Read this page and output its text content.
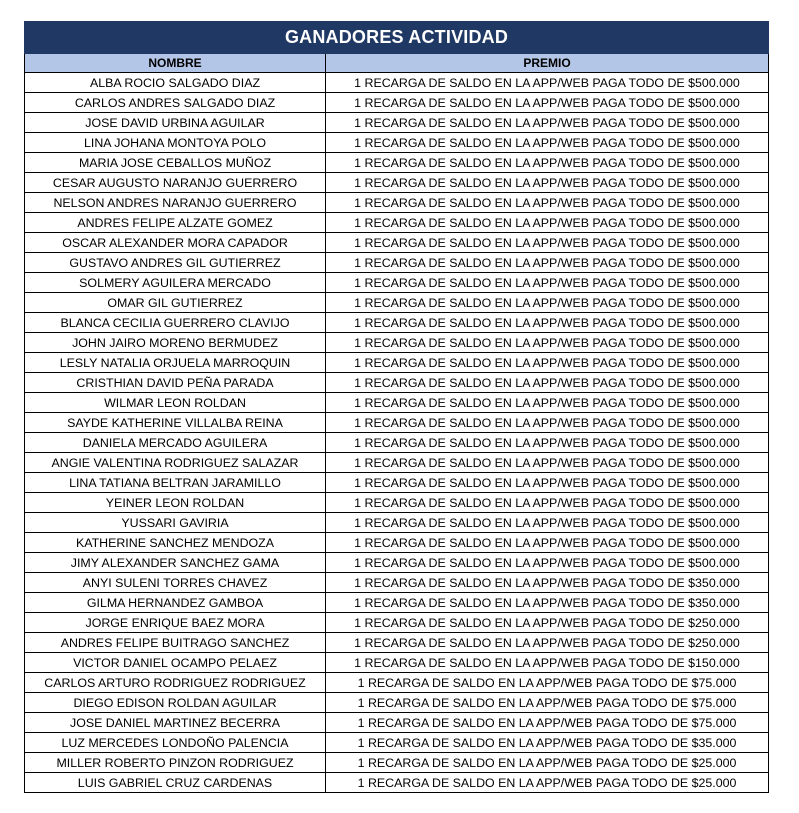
GANADORES ACTIVIDAD	
NOMBRE	PREMIO
ALBA ROCIO SALGADO DIAZ	1 RECARGA DE SALDO EN LA APP/WEB PAGA TODO DE $500.000
CARLOS ANDRES SALGADO DIAZ	1 RECARGA DE SALDO EN LA APP/WEB PAGA TODO DE $500.000
JOSE DAVID URBINA AGUILAR	1 RECARGA DE SALDO EN LA APP/WEB PAGA TODO DE $500.000
LINA JOHANA MONTOYA POLO	1 RECARGA DE SALDO EN LA APP/WEB PAGA TODO DE $500.000
MARIA JOSE CEBALLOS MUÑOZ	1 RECARGA DE SALDO EN LA APP/WEB PAGA TODO DE $500.000
CESAR AUGUSTO NARANJO GUERRERO	1 RECARGA DE SALDO EN LA APP/WEB PAGA TODO DE $500.000
NELSON ANDRES NARANJO GUERRERO	1 RECARGA DE SALDO EN LA APP/WEB PAGA TODO DE $500.000
ANDRES FELIPE ALZATE GOMEZ	1 RECARGA DE SALDO EN LA APP/WEB PAGA TODO DE $500.000
OSCAR ALEXANDER MORA CAPADOR	1 RECARGA DE SALDO EN LA APP/WEB PAGA TODO DE $500.000
GUSTAVO ANDRES GIL GUTIERREZ	1 RECARGA DE SALDO EN LA APP/WEB PAGA TODO DE $500.000
SOLMERY AGUILERA MERCADO	1 RECARGA DE SALDO EN LA APP/WEB PAGA TODO DE $500.000
OMAR GIL GUTIERREZ	1 RECARGA DE SALDO EN LA APP/WEB PAGA TODO DE $500.000
BLANCA CECILIA GUERRERO CLAVIJO	1 RECARGA DE SALDO EN LA APP/WEB PAGA TODO DE $500.000
JOHN JAIRO MORENO BERMUDEZ	1 RECARGA DE SALDO EN LA APP/WEB PAGA TODO DE $500.000
LESLY NATALIA ORJUELA MARROQUIN	1 RECARGA DE SALDO EN LA APP/WEB PAGA TODO DE $500.000
CRISTHIAN DAVID PEÑA PARADA	1 RECARGA DE SALDO EN LA APP/WEB PAGA TODO DE $500.000
WILMAR LEON ROLDAN	1 RECARGA DE SALDO EN LA APP/WEB PAGA TODO DE $500.000
SAYDE KATHERINE VILLALBA REINA	1 RECARGA DE SALDO EN LA APP/WEB PAGA TODO DE $500.000
DANIELA MERCADO AGUILERA	1 RECARGA DE SALDO EN LA APP/WEB PAGA TODO DE $500.000
ANGIE VALENTINA RODRIGUEZ SALAZAR	1 RECARGA DE SALDO EN LA APP/WEB PAGA TODO DE $500.000
LINA TATIANA BELTRAN JARAMILLO	1 RECARGA DE SALDO EN LA APP/WEB PAGA TODO DE $500.000
YEINER LEON ROLDAN	1 RECARGA DE SALDO EN LA APP/WEB PAGA TODO DE $500.000
YUSSARI GAVIRIA	1 RECARGA DE SALDO EN LA APP/WEB PAGA TODO DE $500.000
KATHERINE SANCHEZ MENDOZA	1 RECARGA DE SALDO EN LA APP/WEB PAGA TODO DE $500.000
JIMY ALEXANDER SANCHEZ GAMA	1 RECARGA DE SALDO EN LA APP/WEB PAGA TODO DE $500.000
ANYI SULENI TORRES CHAVEZ	1 RECARGA DE SALDO EN LA APP/WEB PAGA TODO DE $350.000
GILMA HERNANDEZ GAMBOA	1 RECARGA DE SALDO EN LA APP/WEB PAGA TODO DE $350.000
JORGE ENRIQUE BAEZ MORA	1 RECARGA DE SALDO EN LA APP/WEB PAGA TODO DE $250.000
ANDRES FELIPE BUITRAGO SANCHEZ	1 RECARGA DE SALDO EN LA APP/WEB PAGA TODO DE $250.000
VICTOR DANIEL OCAMPO PELAEZ	1 RECARGA DE SALDO EN LA APP/WEB PAGA TODO DE $150.000
CARLOS ARTURO RODRIGUEZ RODRIGUEZ	1 RECARGA DE SALDO EN LA APP/WEB PAGA TODO DE $75.000
DIEGO EDISON ROLDAN AGUILAR	1 RECARGA DE SALDO EN LA APP/WEB PAGA TODO DE $75.000
JOSE DANIEL MARTINEZ BECERRA	1 RECARGA DE SALDO EN LA APP/WEB PAGA TODO DE $75.000
LUZ MERCEDES LONDOÑO PALENCIA	1 RECARGA DE SALDO EN LA APP/WEB PAGA TODO DE $35.000
MILLER ROBERTO PINZON RODRIGUEZ	1 RECARGA DE SALDO EN LA APP/WEB PAGA TODO DE $25.000
LUIS GABRIEL CRUZ CARDENAS	1 RECARGA DE SALDO EN LA APP/WEB PAGA TODO DE $25.000
